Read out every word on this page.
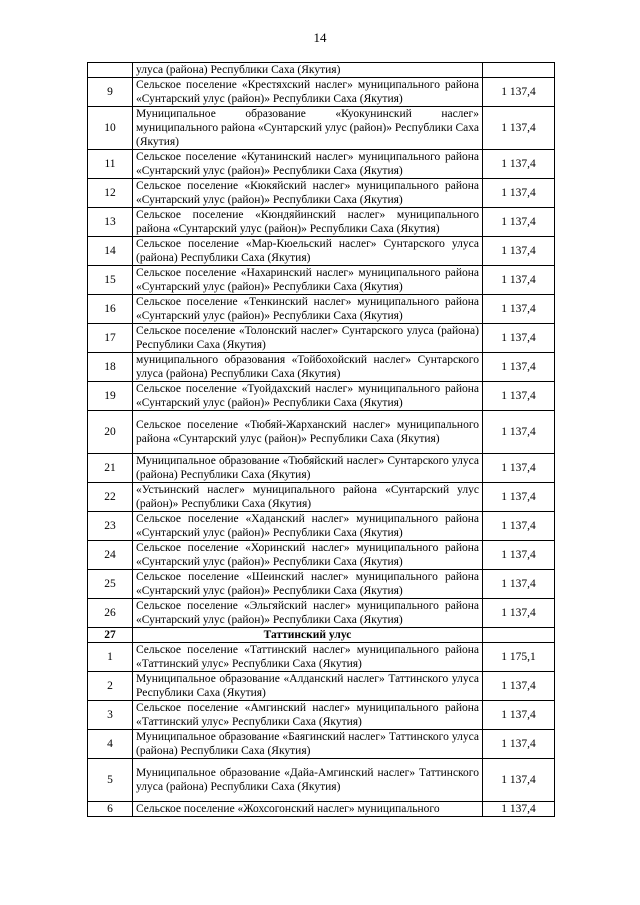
14
	улуса (района) Республики Саха (Якутия)	
9	Сельское поселение «Крестяхский наслег» муниципального района «Сунтарский улус (район)» Республики Саха (Якутия)	1 137,4
10	Муниципальное образование «Куокунинский наслег» муниципального района «Сунтарский улус (район)» Республики Саха (Якутия)	1 137,4
11	Сельское поселение «Кутанинский наслег» муниципального района «Сунтарский улус (район)» Республики Саха (Якутия)	1 137,4
12	Сельское поселение «Кюкяйский наслег» муниципального района «Сунтарский улус (район)» Республики Саха (Якутия)	1 137,4
13	Сельское поселение «Кюндяйинский наслег» муниципального района «Сунтарский улус (район)» Республики Саха (Якутия)	1 137,4
14	Сельское поселение «Мар-Кюельский наслег» Сунтарского улуса (района) Республики Саха (Якутия)	1 137,4
15	Сельское поселение «Нахаринский наслег» муниципального района «Сунтарский улус (район)» Республики Саха (Якутия)	1 137,4
16	Сельское поселение «Тенкинский наслег» муниципального района «Сунтарский улус (район)» Республики Саха (Якутия)	1 137,4
17	Сельское поселение «Толонский наслег» Сунтарского улуса (района) Республики Саха (Якутия)	1 137,4
18	муниципального образования «Тойбохойский наслег» Сунтарского улуса (района) Республики Саха (Якутия)	1 137,4
19	Сельское поселение «Туойдахский наслег» муниципального района «Сунтарский улус (район)» Республики Саха (Якутия)	1 137,4
20	Сельское поселение «Тюбяй-Жарханский наслег» муниципального района «Сунтарский улус (район)» Республики Саха (Якутия)	1 137,4
21	Муниципальное образование «Тюбяйский наслег» Сунтарского улуса (района) Республики Саха (Якутия)	1 137,4
22	«Устьинский наслег» муниципального района «Сунтарский улус (район)» Республики Саха (Якутия)	1 137,4
23	Сельское поселение «Хаданский наслег» муниципального района «Сунтарский улус (район)» Республики Саха (Якутия)	1 137,4
24	Сельское поселение «Хоринский наслег» муниципального района «Сунтарский улус (район)» Республики Саха (Якутия)	1 137,4
25	Сельское поселение «Шеинский наслег» муниципального района «Сунтарский улус (район)» Республики Саха (Якутия)	1 137,4
26	Сельское поселение «Эльгяйский наслег» муниципального района «Сунтарский улус (район)» Республики Саха (Якутия)	1 137,4
27	Таттинский улус	
1	Сельское поселение «Таттинский наслег» муниципального района «Таттинский улус» Республики Саха (Якутия)	1 175,1
2	Муниципальное образование «Алданский наслег» Таттинского улуса Республики Саха (Якутия)	1 137,4
3	Сельское поселение «Амгинский наслег» муниципального района «Таттинский улус» Республики Саха (Якутия)	1 137,4
4	Муниципальное образование «Баягинский наслег» Таттинского улуса (района) Республики Саха (Якутия)	1 137,4
5	Муниципальное образование «Дайа-Амгинский наслег» Таттинского улуса (района) Республики Саха (Якутия)	1 137,4
6	Сельское поселение «Жохсогонский наслег» муниципального	1 137,4
